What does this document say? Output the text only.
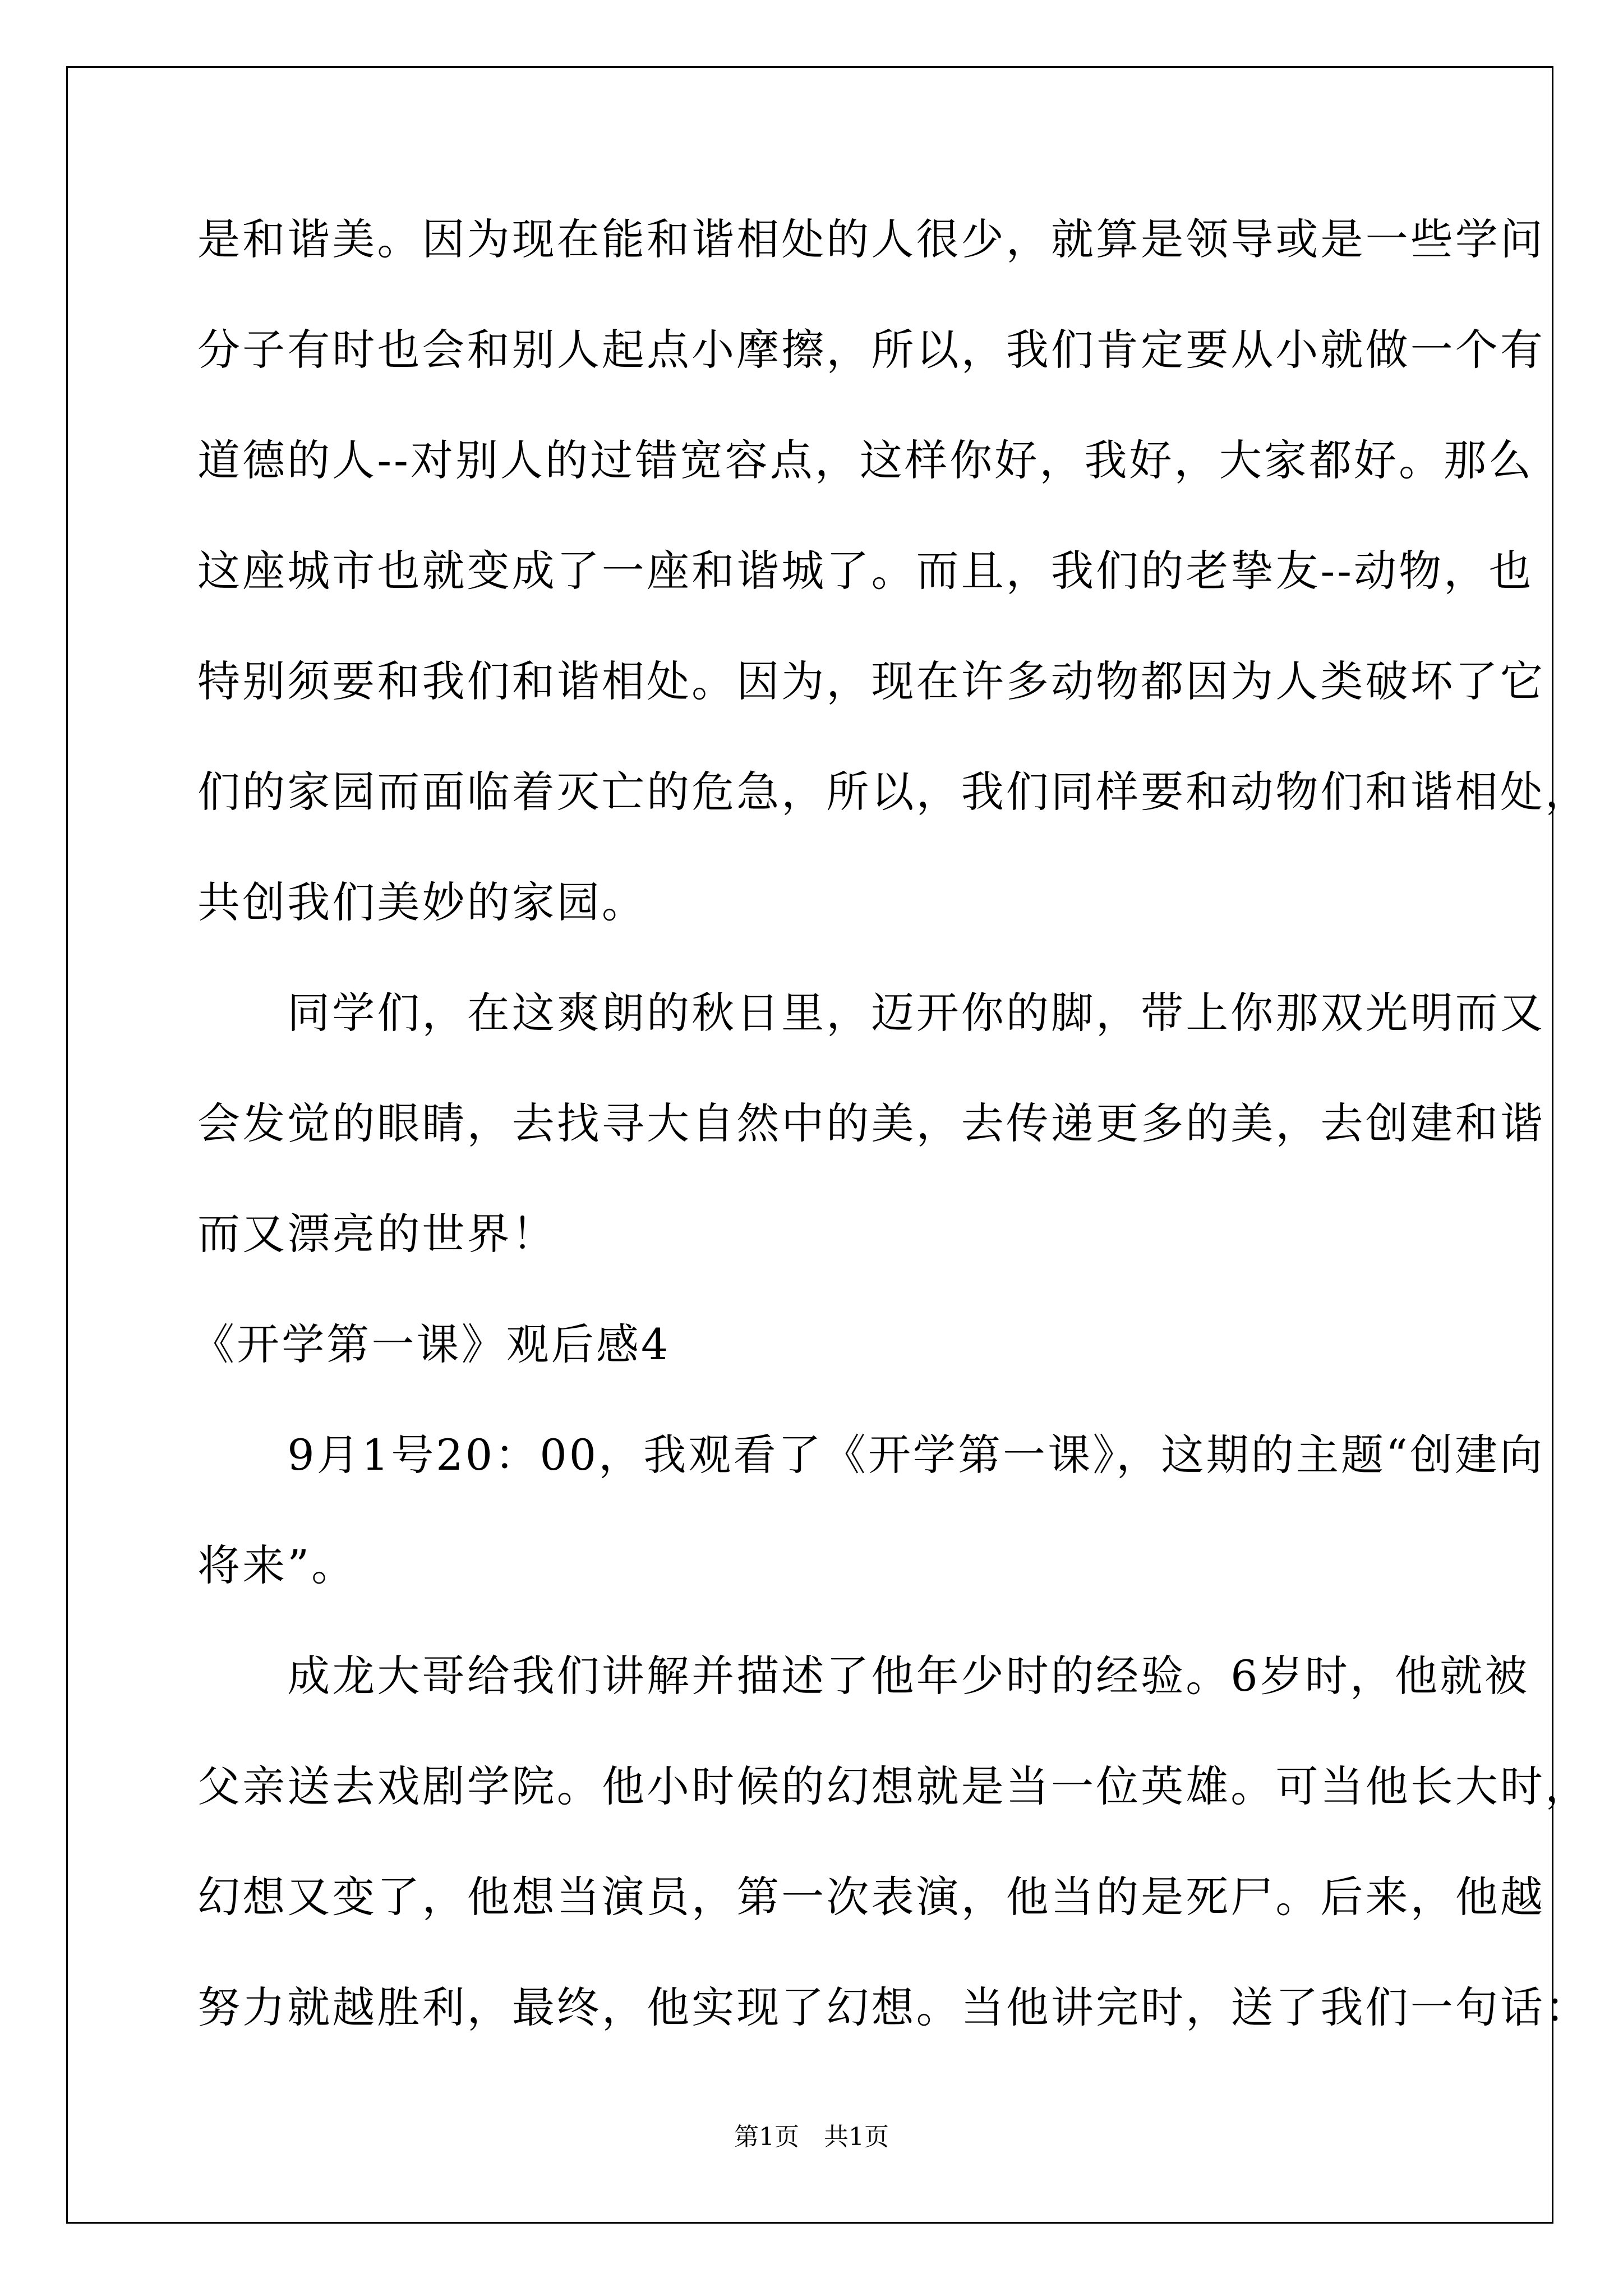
是和谐美。因为现在能和谐相处的人很少，就算是领导或是一些学问
分子有时也会和别人起点小摩擦，所以，我们肯定要从小就做一个有
道德的人--对别人的过错宽容点，这样你好，我好，大家都好。那么
这座城市也就变成了一座和谐城了。而且，我们的老挚友--动物，也
特别须要和我们和谐相处。因为，现在许多动物都因为人类破坏了它
们的家园而面临着灭亡的危急，所以，我们同样要和动物们和谐相处，
共创我们美妙的家园。
　　同学们，在这爽朗的秋日里，迈开你的脚，带上你那双光明而又
会发觉的眼睛，去找寻大自然中的美，去传递更多的美，去创建和谐
而又漂亮的世界！
《开学第一课》观后感4
　　9月1号20：00，我观看了《开学第一课》，这期的主题“创建向
将来”。
　　成龙大哥给我们讲解并描述了他年少时的经验。6岁时，他就被
父亲送去戏剧学院。他小时候的幻想就是当一位英雄。可当他长大时，
幻想又变了，他想当演员，第一次表演，他当的是死尸。后来，他越
努力就越胜利，最终，他实现了幻想。当他讲完时，送了我们一句话：
第1页　共1页
